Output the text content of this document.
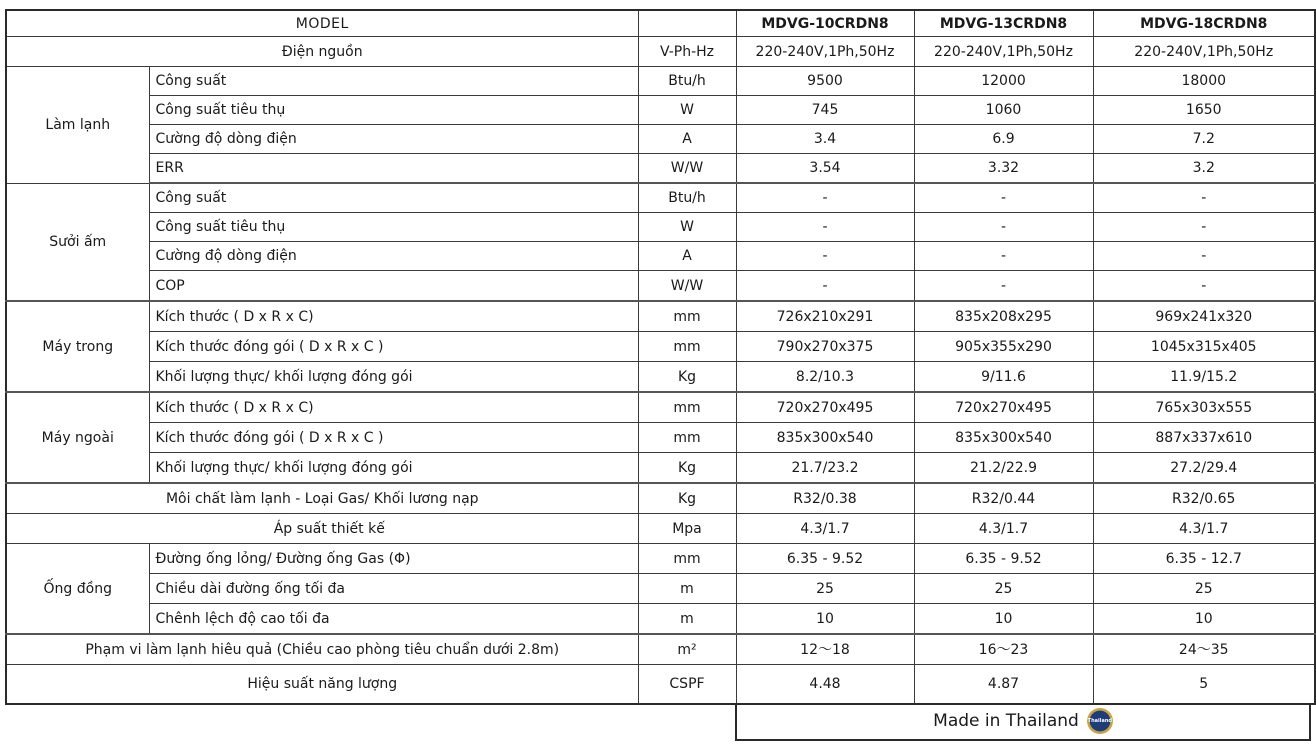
MODEL			MDVG-10CRDN8	MDVG-13CRDN8	MDVG-18CRDN8
Điện nguồn		V-Ph-Hz	220-240V,1Ph,50Hz	220-240V,1Ph,50Hz	220-240V,1Ph,50Hz
Làm lạnh	Công suất	Btu/h	9500	12000	18000
	Công suất tiêu thụ	W	745	1060	1650
	Cường độ dòng điện	A	3.4	6.9	7.2
	ERR	W/W	3.54	3.32	3.2
Sưởi ấm	Công suất	Btu/h	-	-	-
	Công suất tiêu thụ	W	-	-	-
	Cường độ dòng điện	A	-	-	-
	COP	W/W	-	-	-
Máy trong	Kích thước ( D x R x C)	mm	726x210x291	835x208x295	969x241x320
	Kích thước đóng gói ( D x R x C )	mm	790x270x375	905x355x290	1045x315x405
	Khối lượng thực/ khối lượng đóng gói	Kg	8.2/10.3	9/11.6	11.9/15.2
Máy ngoài	Kích thước ( D x R x C)	mm	720x270x495	720x270x495	765x303x555
	Kích thước đóng gói ( D x R x C )	mm	835x300x540	835x300x540	887x337x610
	Khối lượng thực/ khối lượng đóng gói	Kg	21.7/23.2	21.2/22.9	27.2/29.4
Môi chất làm lạnh - Loại Gas/ Khối lương nạp		Kg	R32/0.38	R32/0.44	R32/0.65
Áp suất thiết kế		Mpa	4.3/1.7	4.3/1.7	4.3/1.7
Ống đồng	Đường ống lỏng/ Đường ống Gas (Φ)	mm	6.35 - 9.52	6.35 - 9.52	6.35 - 12.7
	Chiều dài đường ống tối đa	m	25	25	25
	Chênh lệch độ cao tối đa	m	10	10	10
Phạm vi làm lạnh hiêu quả (Chiều cao phòng tiêu chuẩn dưới 2.8m)		m²	12～18	16～23	24～35
Hiệu suất năng lượng		CSPF	4.48	4.87	5
Made in Thailand Thailand
